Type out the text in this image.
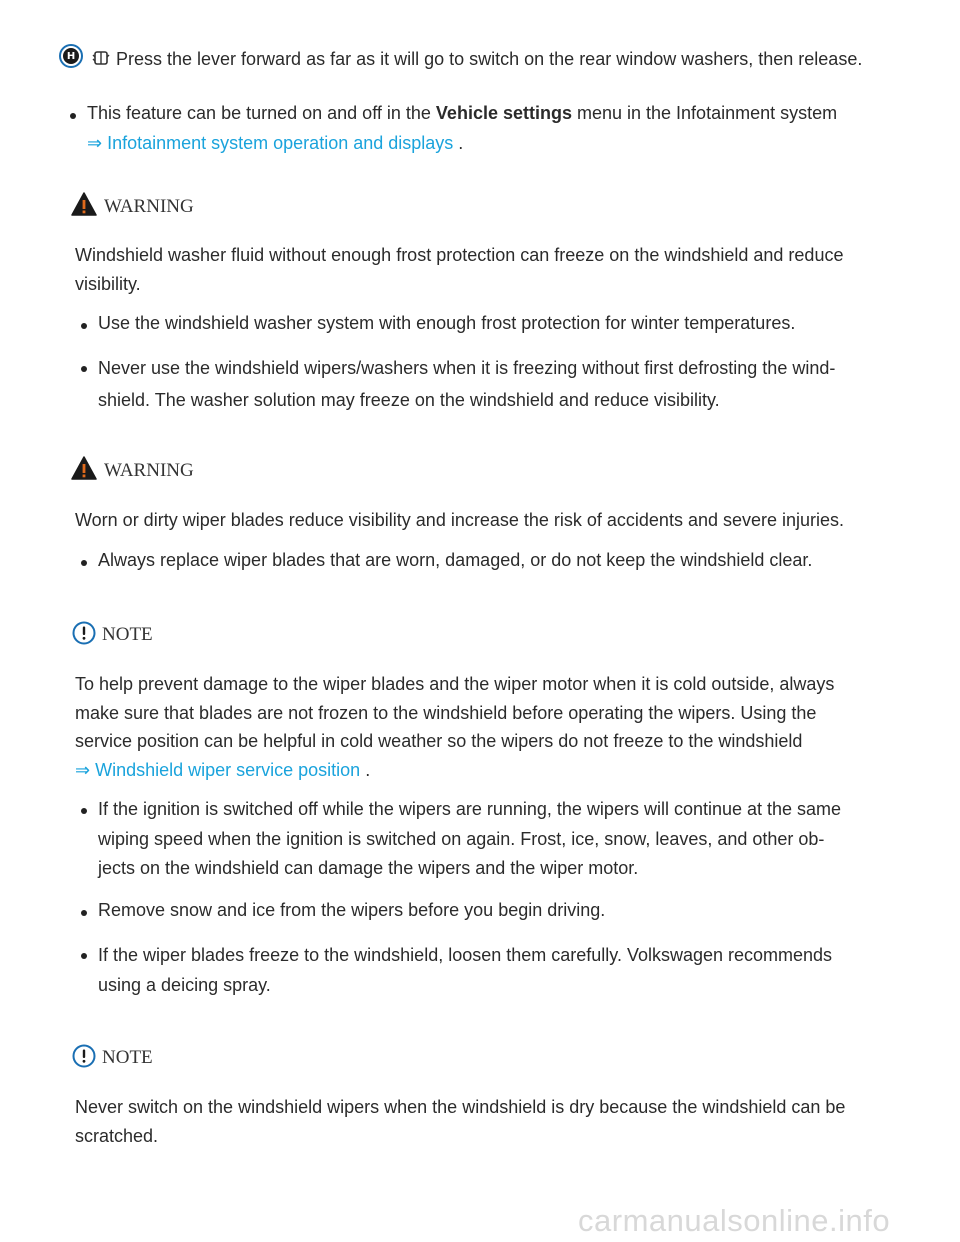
H Press the lever forward as far as it will go to switch on the rear window washers, then release.
This feature can be turned on and off in the Vehicle settings menu in the Infotainment system
⇒ Infotainment system operation and displays .
WARNING

Windshield washer fluid without enough frost protection can freeze on the windshield and reduce

visibility.

Use the windshield washer system with enough frost protection for winter temperatures.

Never use the windshield wipers/washers when it is freezing without first defrosting the wind-

shield. The washer solution may freeze on the windshield and reduce visibility.

WARNING
Worn or dirty wiper blades reduce visibility and increase the risk of accidents and severe injuries.
Always replace wiper blades that are worn, damaged, or do not keep the windshield clear.
NOTE

To help prevent damage to the wiper blades and the wiper motor when it is cold outside, always

make sure that blades are not frozen to the windshield before operating the wipers. Using the

service position can be helpful in cold weather so the wipers do not freeze to the windshield

⇒ Windshield wiper service position .

If the ignition is switched off while the wipers are running, the wipers will continue at the same

wiping speed when the ignition is switched on again. Frost, ice, snow, leaves, and other ob-

jects on the windshield can damage the wipers and the wiper motor.

Remove snow and ice from the wipers before you begin driving.

If the wiper blades freeze to the windshield, loosen them carefully. Volkswagen recommends

using a deicing spray.

NOTE

Never switch on the windshield wipers when the windshield is dry because the windshield can be

scratched.

carmanualsonline.info
